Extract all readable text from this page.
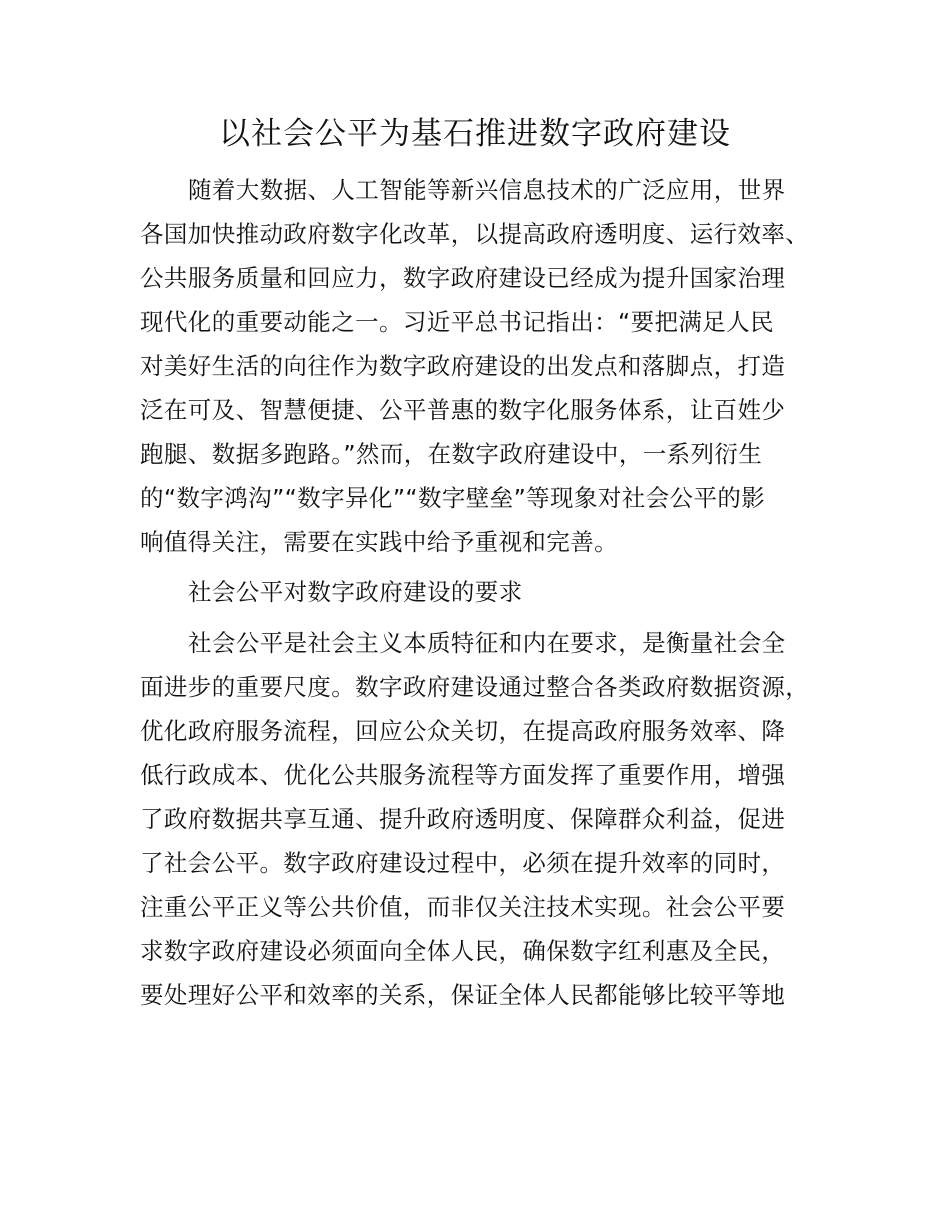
以社会公平为基石推进数字政府建设
随着大数据、人工智能等新兴信息技术的广泛应用，世界
各国加快推动政府数字化改革，以提高政府透明度、运行效率、
公共服务质量和回应力，数字政府建设已经成为提升国家治理
现代化的重要动能之一。习近平总书记指出：“要把满足人民
对美好生活的向往作为数字政府建设的出发点和落脚点，打造
泛在可及、智慧便捷、公平普惠的数字化服务体系，让百姓少
跑腿、数据多跑路。”然而，在数字政府建设中，一系列衍生
的“数字鸿沟”“数字异化”“数字壁垒”等现象对社会公平的影
响值得关注，需要在实践中给予重视和完善。
社会公平对数字政府建设的要求
社会公平是社会主义本质特征和内在要求，是衡量社会全
面进步的重要尺度。数字政府建设通过整合各类政府数据资源，
优化政府服务流程，回应公众关切，在提高政府服务效率、降
低行政成本、优化公共服务流程等方面发挥了重要作用，增强
了政府数据共享互通、提升政府透明度、保障群众利益，促进
了社会公平。数字政府建设过程中，必须在提升效率的同时，
注重公平正义等公共价值，而非仅关注技术实现。社会公平要
求数字政府建设必须面向全体人民，确保数字红利惠及全民，
要处理好公平和效率的关系，保证全体人民都能够比较平等地
